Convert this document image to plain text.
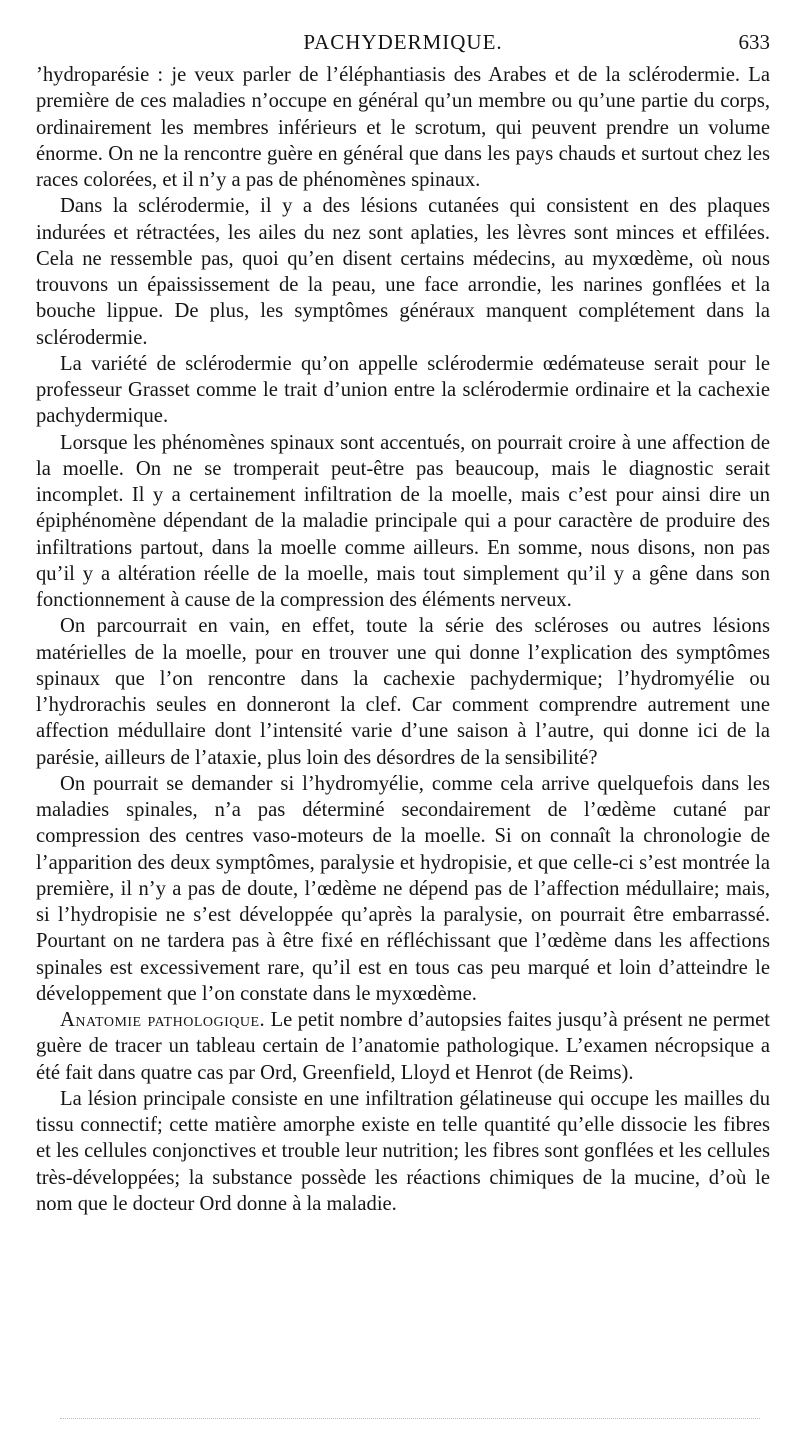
PACHYDERMIQUE.	633

’hydroparésie : je veux parler de l’éléphantiasis des Arabes et de la sclérodermie. La première de ces maladies n’occupe en général qu’un membre ou qu’une partie du corps, ordinairement les membres inférieurs et le scrotum, qui peuvent prendre un volume énorme. On ne la rencontre guère en général que dans les pays chauds et surtout chez les races colorées, et il n’y a pas de phénomènes spinaux.

Dans la sclérodermie, il y a des lésions cutanées qui consistent en des plaques indurées et rétractées, les ailes du nez sont aplaties, les lèvres sont minces et effilées. Cela ne ressemble pas, quoi qu’en disent certains médecins, au myxœdème, où nous trouvons un épaississement de la peau, une face arrondie, les narines gonflées et la bouche lippue. De plus, les symptômes généraux manquent complétement dans la sclérodermie.

La variété de sclérodermie qu’on appelle sclérodermie œdémateuse serait pour le professeur Grasset comme le trait d’union entre la sclérodermie ordinaire et la cachexie pachydermique.

Lorsque les phénomènes spinaux sont accentués, on pourrait croire à une affection de la moelle. On ne se tromperait peut-être pas beaucoup, mais le diagnostic serait incomplet. Il y a certainement infiltration de la moelle, mais c’est pour ainsi dire un épiphénomène dépendant de la maladie principale qui a pour caractère de produire des infiltrations partout, dans la moelle comme ailleurs. En somme, nous disons, non pas qu’il y a altération réelle de la moelle, mais tout simplement qu’il y a gêne dans son fonctionnement à cause de la compression des éléments nerveux.

On parcourrait en vain, en effet, toute la série des scléroses ou autres lésions matérielles de la moelle, pour en trouver une qui donne l’explication des symptômes spinaux que l’on rencontre dans la cachexie pachydermique; l’hydromyélie ou l’hydrorachis seules en donneront la clef. Car comment comprendre autrement une affection médullaire dont l’intensité varie d’une saison à l’autre, qui donne ici de la parésie, ailleurs de l’ataxie, plus loin des désordres de la sensibilité?

On pourrait se demander si l’hydromyélie, comme cela arrive quelquefois dans les maladies spinales, n’a pas déterminé secondairement de l’œdème cutané par compression des centres vaso-moteurs de la moelle. Si on connaît la chronologie de l’apparition des deux symptômes, paralysie et hydropisie, et que celle-ci s’est montrée la première, il n’y a pas de doute, l’œdème ne dépend pas de l’affection médullaire; mais, si l’hydropisie ne s’est développée qu’après la paralysie, on pourrait être embarrassé. Pourtant on ne tardera pas à être fixé en réfléchissant que l’œdème dans les affections spinales est excessivement rare, qu’il est en tous cas peu marqué et loin d’atteindre le développement que l’on constate dans le myxœdème.

Anatomie pathologique. Le petit nombre d’autopsies faites jusqu’à présent ne permet guère de tracer un tableau certain de l’anatomie pathologique. L’examen nécropsique a été fait dans quatre cas par Ord, Greenfield, Lloyd et Henrot (de Reims).

La lésion principale consiste en une infiltration gélatineuse qui occupe les mailles du tissu connectif; cette matière amorphe existe en telle quantité qu’elle dissocie les fibres et les cellules conjonctives et trouble leur nutrition; les fibres sont gonflées et les cellules très-développées; la substance possède les réactions chimiques de la mucine, d’où le nom que le docteur Ord donne à la maladie.
